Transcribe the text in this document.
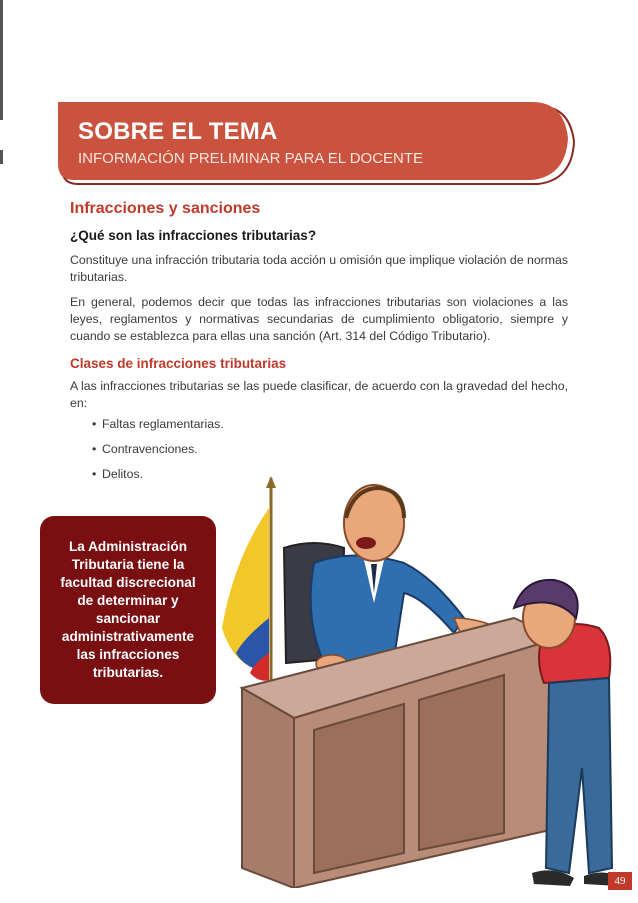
SOBRE EL TEMA
INFORMACIÓN PRELIMINAR PARA EL DOCENTE
Infracciones y sanciones
¿Qué son las infracciones tributarias?
Constituye una infracción tributaria toda acción u omisión que implique violación de normas tributarias.
En general, podemos decir que todas las infracciones tributarias son violaciones a las leyes, reglamentos y normativas secundarias de cumplimiento obligatorio, siempre y cuando se establezca para ellas una sanción (Art. 314 del Código Tributario).
Clases de infracciones tributarias
A las infracciones tributarias se las puede clasificar, de acuerdo con la gravedad del hecho, en:
• Faltas reglamentarias.
• Contravenciones.
• Delitos.
La Administración
Tributaria tiene la
facultad discrecional
de determinar y
sancionar
administrativamente
las infracciones
tributarias.
49
